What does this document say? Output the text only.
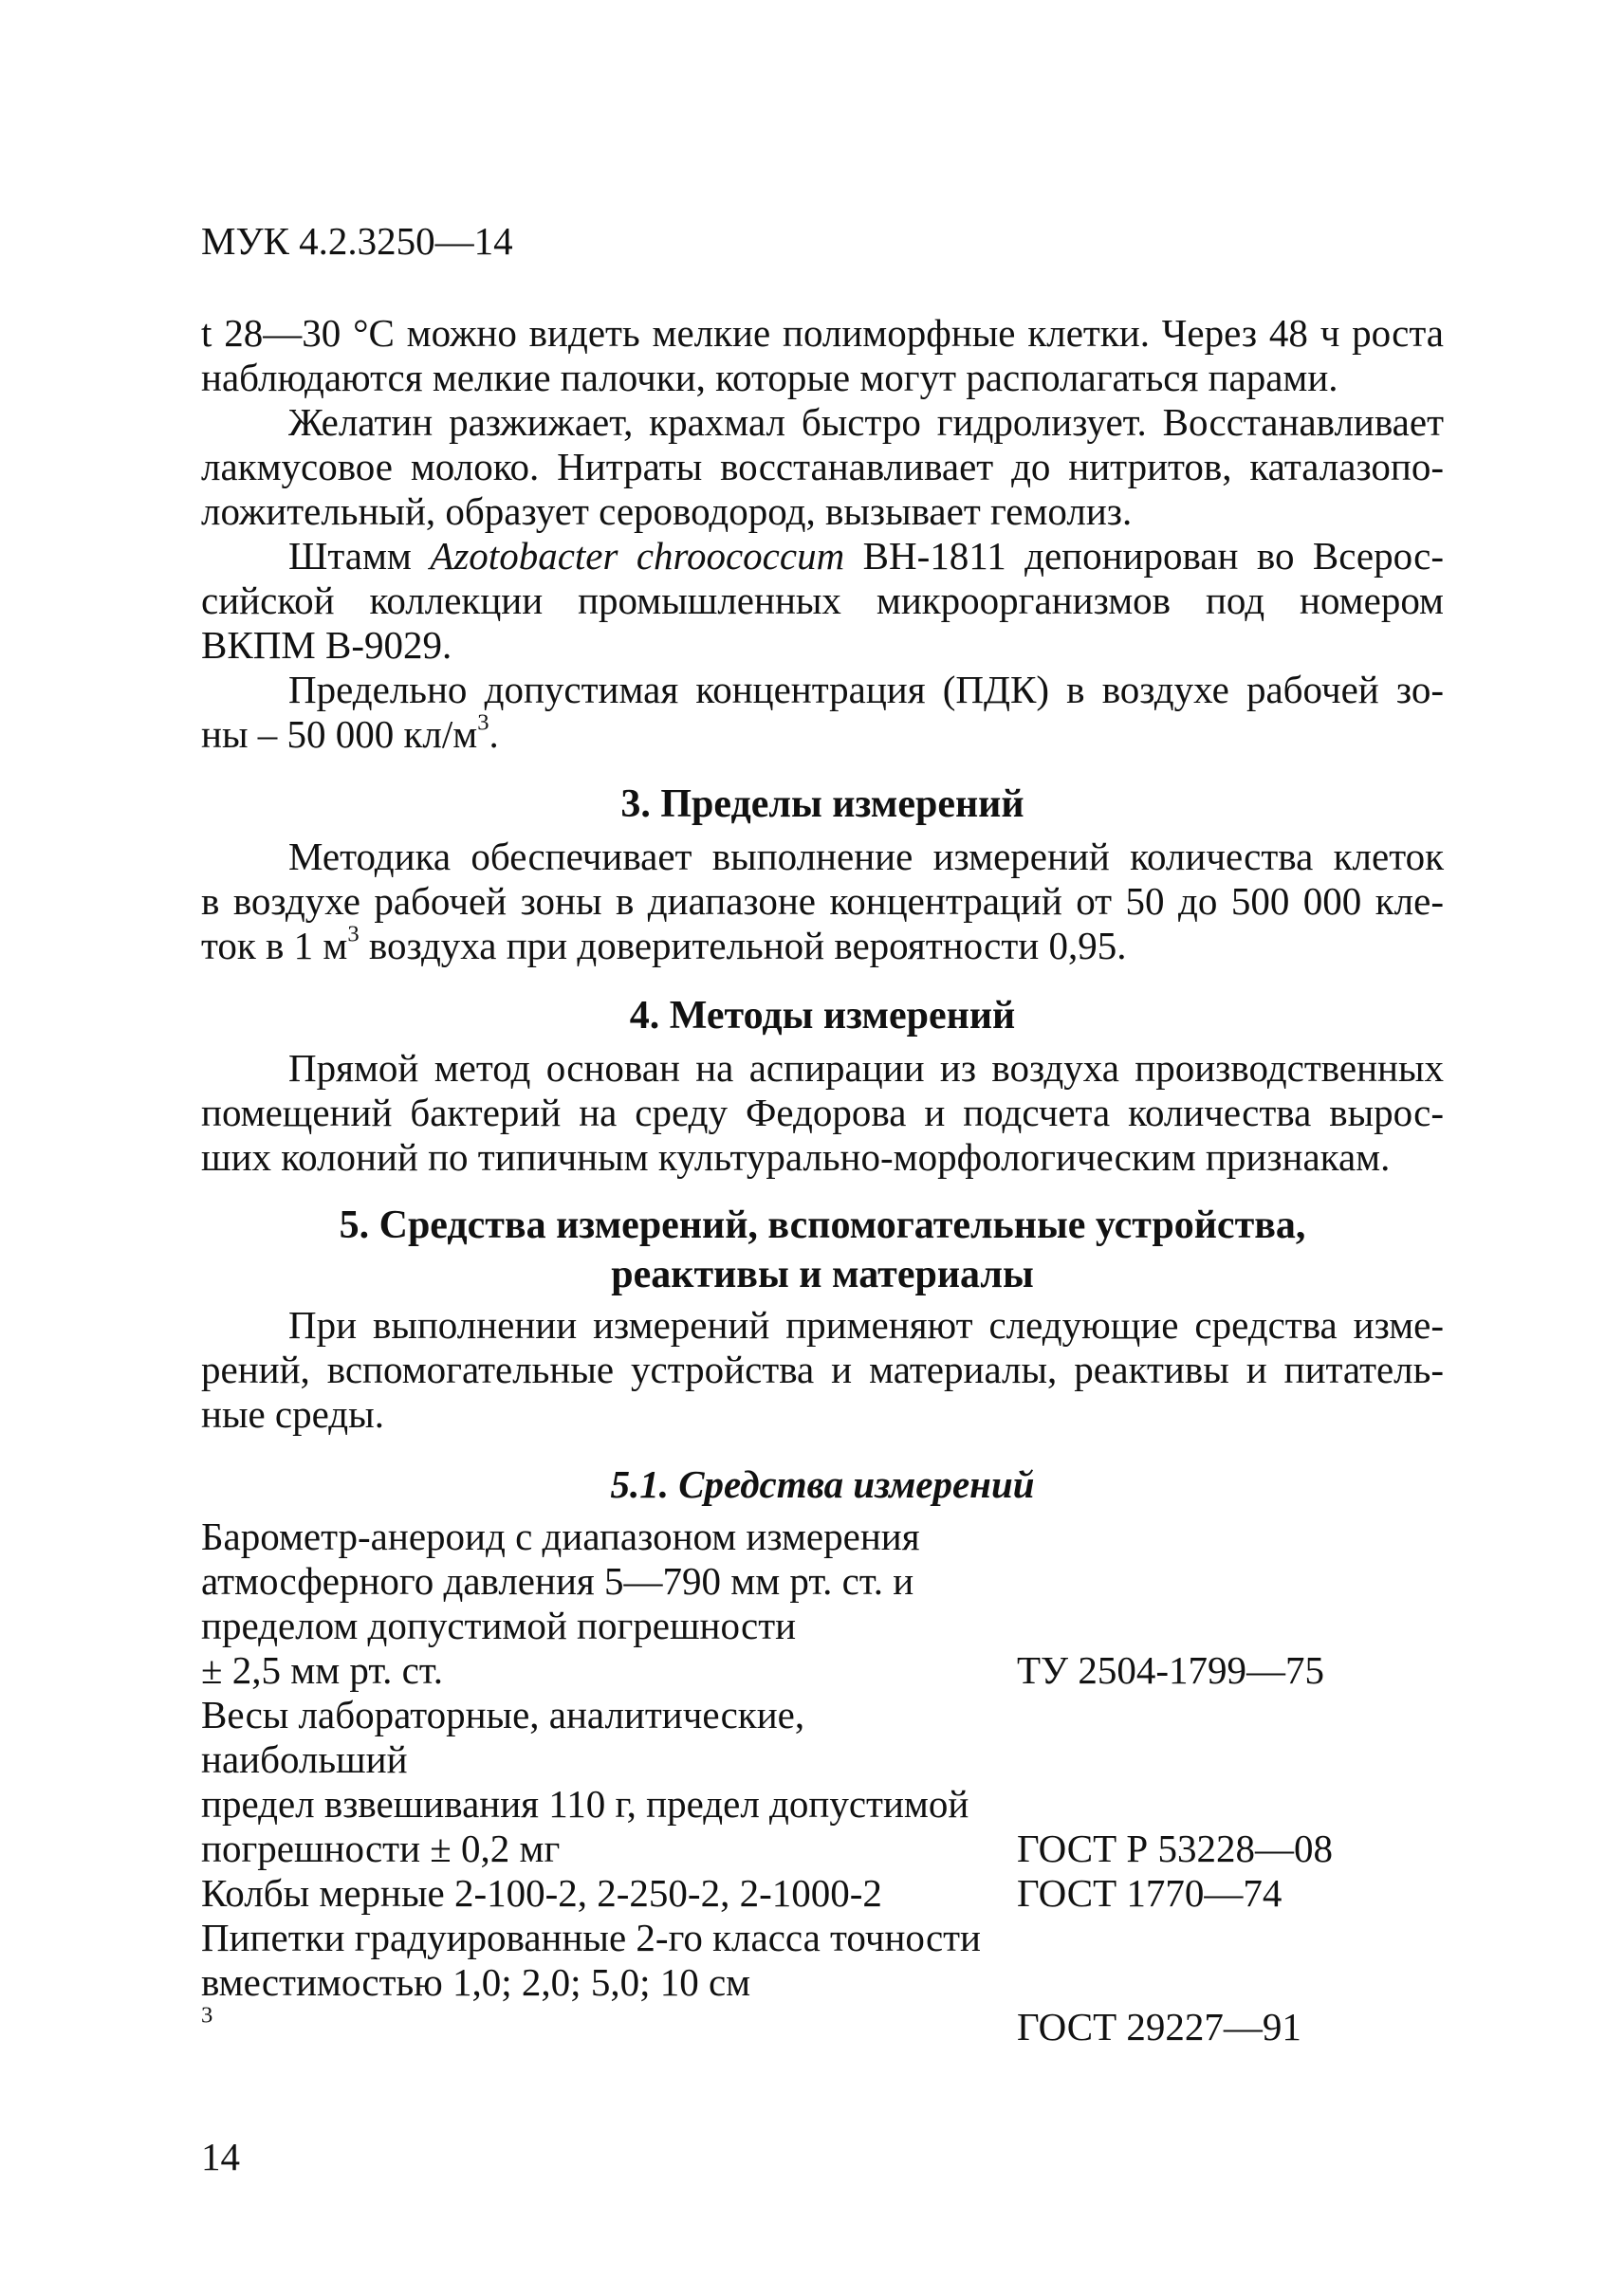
МУК 4.2.3250—14

t 28—30 °С можно видеть мелкие полиморфные клетки. Через 48 ч роста
наблюдаются мелкие палочки, которые могут располагаться парами.

Желатин разжижает, крахмал быстро гидролизует. Восстанавливает
лакмусовое молоко. Нитраты восстанавливает до нитритов, каталазопо-
ложительный, образует сероводород, вызывает гемолиз.

Штамм Azotobacter chroococcum ВН-1811 депонирован во Всерос-
сийской коллекции промышленных микроорганизмов под номером
ВКПМ В-9029.

Предельно допустимая концентрация (ПДК) в воздухе рабочей зо-
ны – 50 000 $кл/м^3$.

3. Пределы измерений

Методика обеспечивает выполнение измерений количества клеток
в воздухе рабочей зоны в диапазоне концентраций от 50 до 500 000 кле-
ток в 1 $м^3$ воздуха при доверительной вероятности 0,95.

4. Методы измерений

Прямой метод основан на аспирации из воздуха производственных
помещений бактерий на среду Федорова и подсчета количества вырос-
ших колоний по типичным культурально-морфологическим признакам.

5. Средства измерений, вспомогательные устройства,
реактивы и материалы

При выполнении измерений применяют следующие средства изме-
рений, вспомогательные устройства и материалы, реактивы и питатель-
ные среды.

5.1. Средства измерений
Барометр-анероид с диапазоном измерения
атмосферного давления 5—790 мм рт. ст. и
пределом допустимой погрешности
± 2,5 мм рт. ст.	ТУ 2504-1799—75
Весы лабораторные, аналитические, наибольший
предел взвешивания 110 г, предел допустимой
погрешности ± 0,2 мг	ГОСТ Р 53228—08
Колбы мерные 2-100-2, 2-250-2, 2-1000-2	ГОСТ 1770—74
Пипетки градуированные 2-го класса точности
вместимостью 1,0; 2,0; 5,0; 10 см
$^3$	ГОСТ 29227—91
14
